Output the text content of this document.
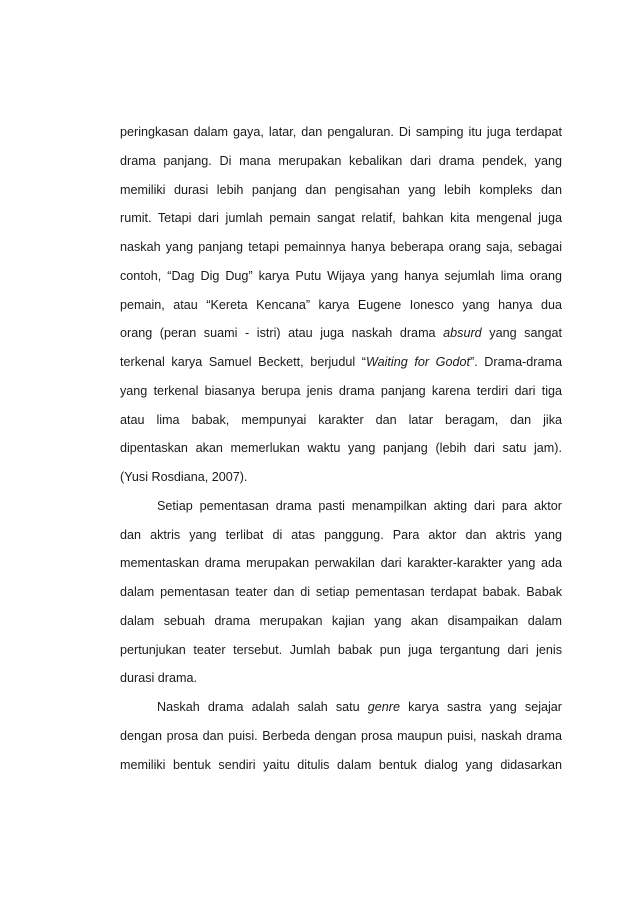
peringkasan dalam gaya, latar, dan pengaluran. Di samping itu juga terdapat
drama panjang. Di mana merupakan kebalikan dari drama pendek, yang
memiliki durasi lebih panjang dan pengisahan yang lebih kompleks dan
rumit. Tetapi dari jumlah pemain sangat relatif, bahkan kita mengenal juga
naskah yang panjang tetapi pemainnya hanya beberapa orang saja, sebagai
contoh, “Dag Dig Dug” karya Putu Wijaya yang hanya sejumlah lima orang
pemain, atau “Kereta Kencana” karya Eugene Ionesco yang hanya dua
orang (peran suami - istri) atau juga naskah drama absurd yang sangat
terkenal karya Samuel Beckett, berjudul “Waiting for Godot”. Drama-drama
yang terkenal biasanya berupa jenis drama panjang karena terdiri dari tiga
atau lima babak, mempunyai karakter dan latar beragam, dan jika
dipentaskan akan memerlukan waktu yang panjang (lebih dari satu jam).
(Yusi Rosdiana, 2007).
Setiap pementasan drama pasti menampilkan akting dari para aktor
dan aktris yang terlibat di atas panggung. Para aktor dan aktris yang
mementaskan drama merupakan perwakilan dari karakter-karakter yang ada
dalam pementasan teater dan di setiap pementasan terdapat babak. Babak
dalam sebuah drama merupakan kajian yang akan disampaikan dalam
pertunjukan teater tersebut. Jumlah babak pun juga tergantung dari jenis
durasi drama.
Naskah drama adalah salah satu genre karya sastra yang sejajar
dengan prosa dan puisi. Berbeda dengan prosa maupun puisi, naskah drama
memiliki bentuk sendiri yaitu ditulis dalam bentuk dialog yang didasarkan
